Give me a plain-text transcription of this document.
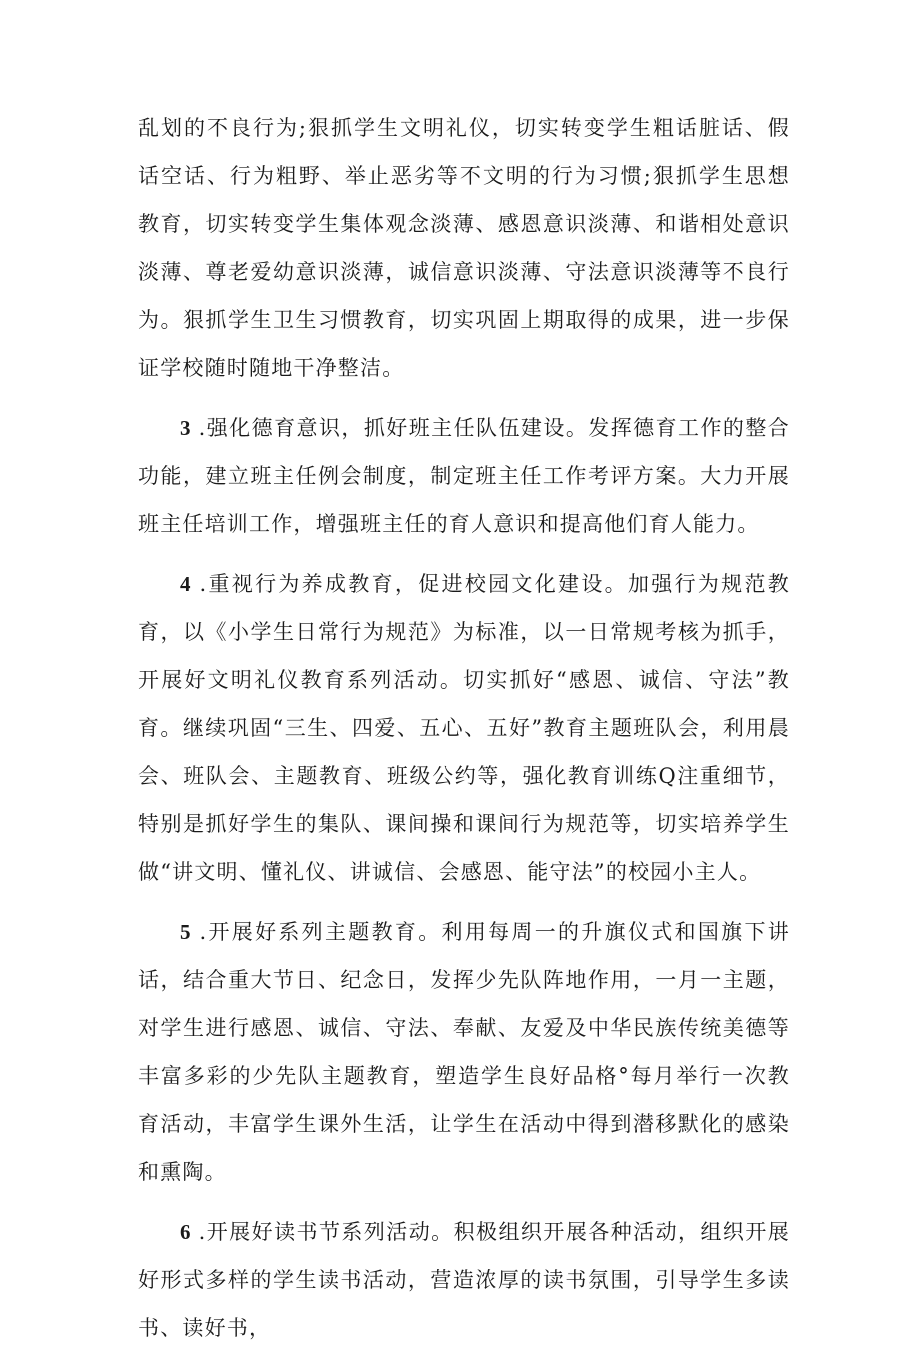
乱划的不良行为;狠抓学生文明礼仪，切实转变学生粗话脏话、假话空话、行为粗野、举止恶劣等不文明的行为习惯;狠抓学生思想教育，切实转变学生集体观念淡薄、感恩意识淡薄、和谐相处意识淡薄、尊老爱幼意识淡薄，诚信意识淡薄、守法意识淡薄等不良行为。狠抓学生卫生习惯教育，切实巩固上期取得的成果，进一步保证学校随时随地干净整洁。

3 .强化德育意识，抓好班主任队伍建设。发挥德育工作的整合功能，建立班主任例会制度，制定班主任工作考评方案。大力开展班主任培训工作，增强班主任的育人意识和提高他们育人能力。

4 .重视行为养成教育，促进校园文化建设。加强行为规范教育，以《小学生日常行为规范》为标准，以一日常规考核为抓手，开展好文明礼仪教育系列活动。切实抓好“感恩、诚信、守法”教育。继续巩固“三生、四爱、五心、五好”教育主题班队会，利用晨会、班队会、主题教育、班级公约等，强化教育训练Q注重细节，特别是抓好学生的集队、课间操和课间行为规范等，切实培养学生做“讲文明、懂礼仪、讲诚信、会感恩、能守法”的校园小主人。

5 .开展好系列主题教育。利用每周一的升旗仪式和国旗下讲话，结合重大节日、纪念日，发挥少先队阵地作用，一月一主题，对学生进行感恩、诚信、守法、奉献、友爱及中华民族传统美德等丰富多彩的少先队主题教育，塑造学生良好品格°每月举行一次教育活动，丰富学生课外生活，让学生在活动中得到潜移默化的感染和熏陶。

6 .开展好读书节系列活动。积极组织开展各种活动，组织开展好形式多样的学生读书活动，营造浓厚的读书氛围，引导学生多读书、读好书，
